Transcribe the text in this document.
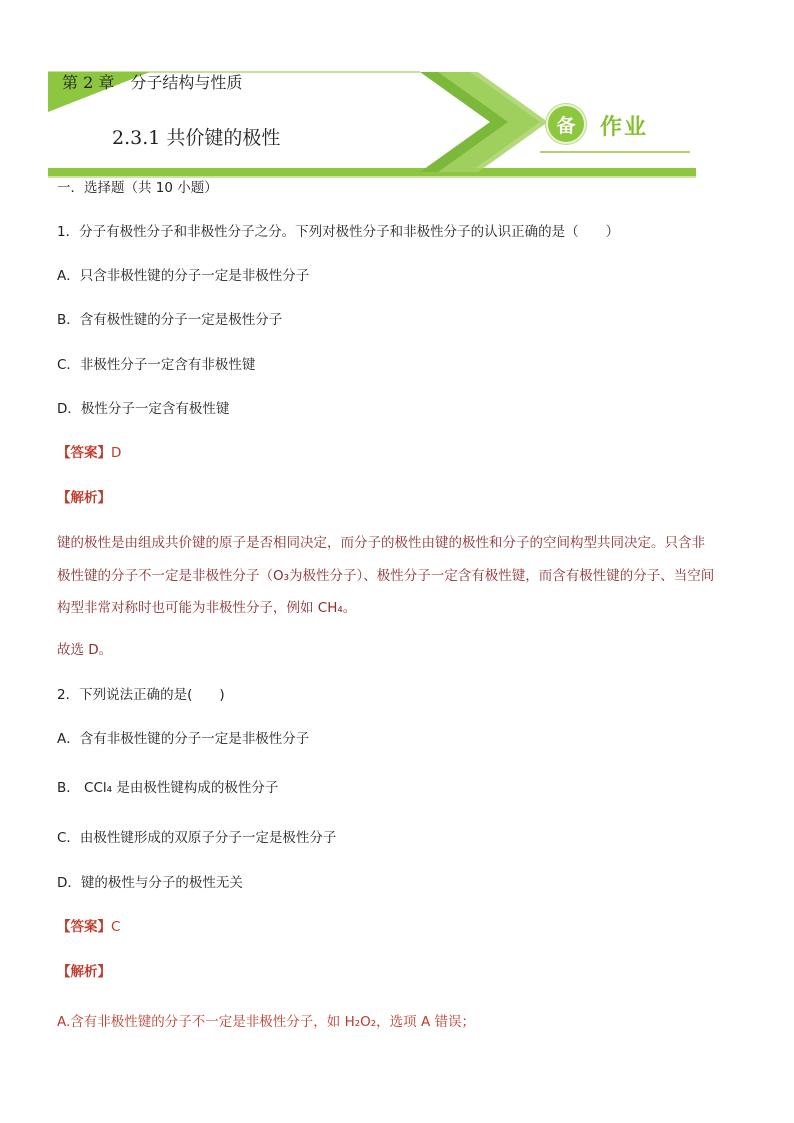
第 2 章　分子结构与性质
2.3.1 共价键的极性
备	作业
一．选择题（共 10 小题）
1．分子有极性分子和非极性分子之分。下列对极性分子和非极性分子的认识正确的是（　　）
A．只含非极性键的分子一定是非极性分子
B．含有极性键的分子一定是极性分子
C．非极性分子一定含有非极性键
D．极性分子一定含有极性键
【答案】D
【解析】
键的极性是由组成共价键的原子是否相同决定，而分子的极性由键的极性和分子的空间构型共同决定。只含非
极性键的分子不一定是非极性分子（O₃为极性分子）、极性分子一定含有极性键，而含有极性键的分子、当空间
构型非常对称时也可能为非极性分子，例如 CH₄。
故选 D。
2．下列说法正确的是(　　)
A．含有非极性键的分子一定是非极性分子
B． CCl₄ 是由极性键构成的极性分子
C．由极性键形成的双原子分子一定是极性分子
D．键的极性与分子的极性无关
【答案】C
【解析】
A.含有非极性键的分子不一定是非极性分子，如 H₂O₂，选项 A 错误；
